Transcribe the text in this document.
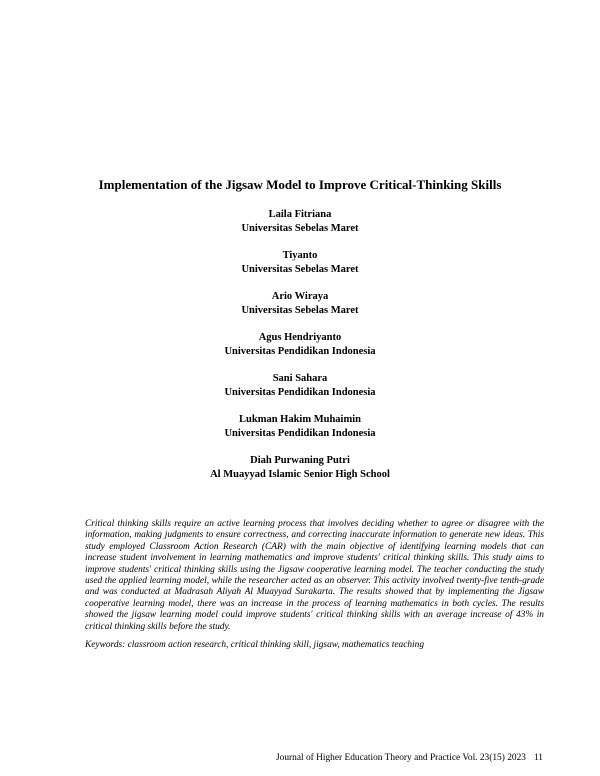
Implementation of the Jigsaw Model to Improve Critical-Thinking Skills
Laila Fitriana
Universitas Sebelas Maret
Tiyanto
Universitas Sebelas Maret
Ario Wiraya
Universitas Sebelas Maret
Agus Hendriyanto
Universitas Pendidikan Indonesia
Sani Sahara
Universitas Pendidikan Indonesia
Lukman Hakim Muhaimin
Universitas Pendidikan Indonesia
Diah Purwaning Putri
Al Muayyad Islamic Senior High School

Critical thinking skills require an active learning process that involves deciding whether to agree or disagree with the information, making judgments to ensure correctness, and correcting inaccurate information to generate new ideas. This study employed Classroom Action Research (CAR) with the main objective of identifying learning models that can increase student involvement in learning mathematics and improve students' critical thinking skills. This study aims to improve students' critical thinking skills using the Jigsaw cooperative learning model. The teacher conducting the study used the applied learning model, while the researcher acted as an observer. This activity involved twenty-five tenth-grade and was conducted at Madrasah Aliyah Al Muayyad Surakarta. The results showed that by implementing the Jigsaw cooperative learning model, there was an increase in the process of learning mathematics in both cycles. The results showed the jigsaw learning model could improve students' critical thinking skills with an average increase of 43% in critical thinking skills before the study.

Keywords: classroom action research, critical thinking skill, jigsaw, mathematics teaching

Journal of Higher Education Theory and Practice Vol. 23(15) 2023 11
